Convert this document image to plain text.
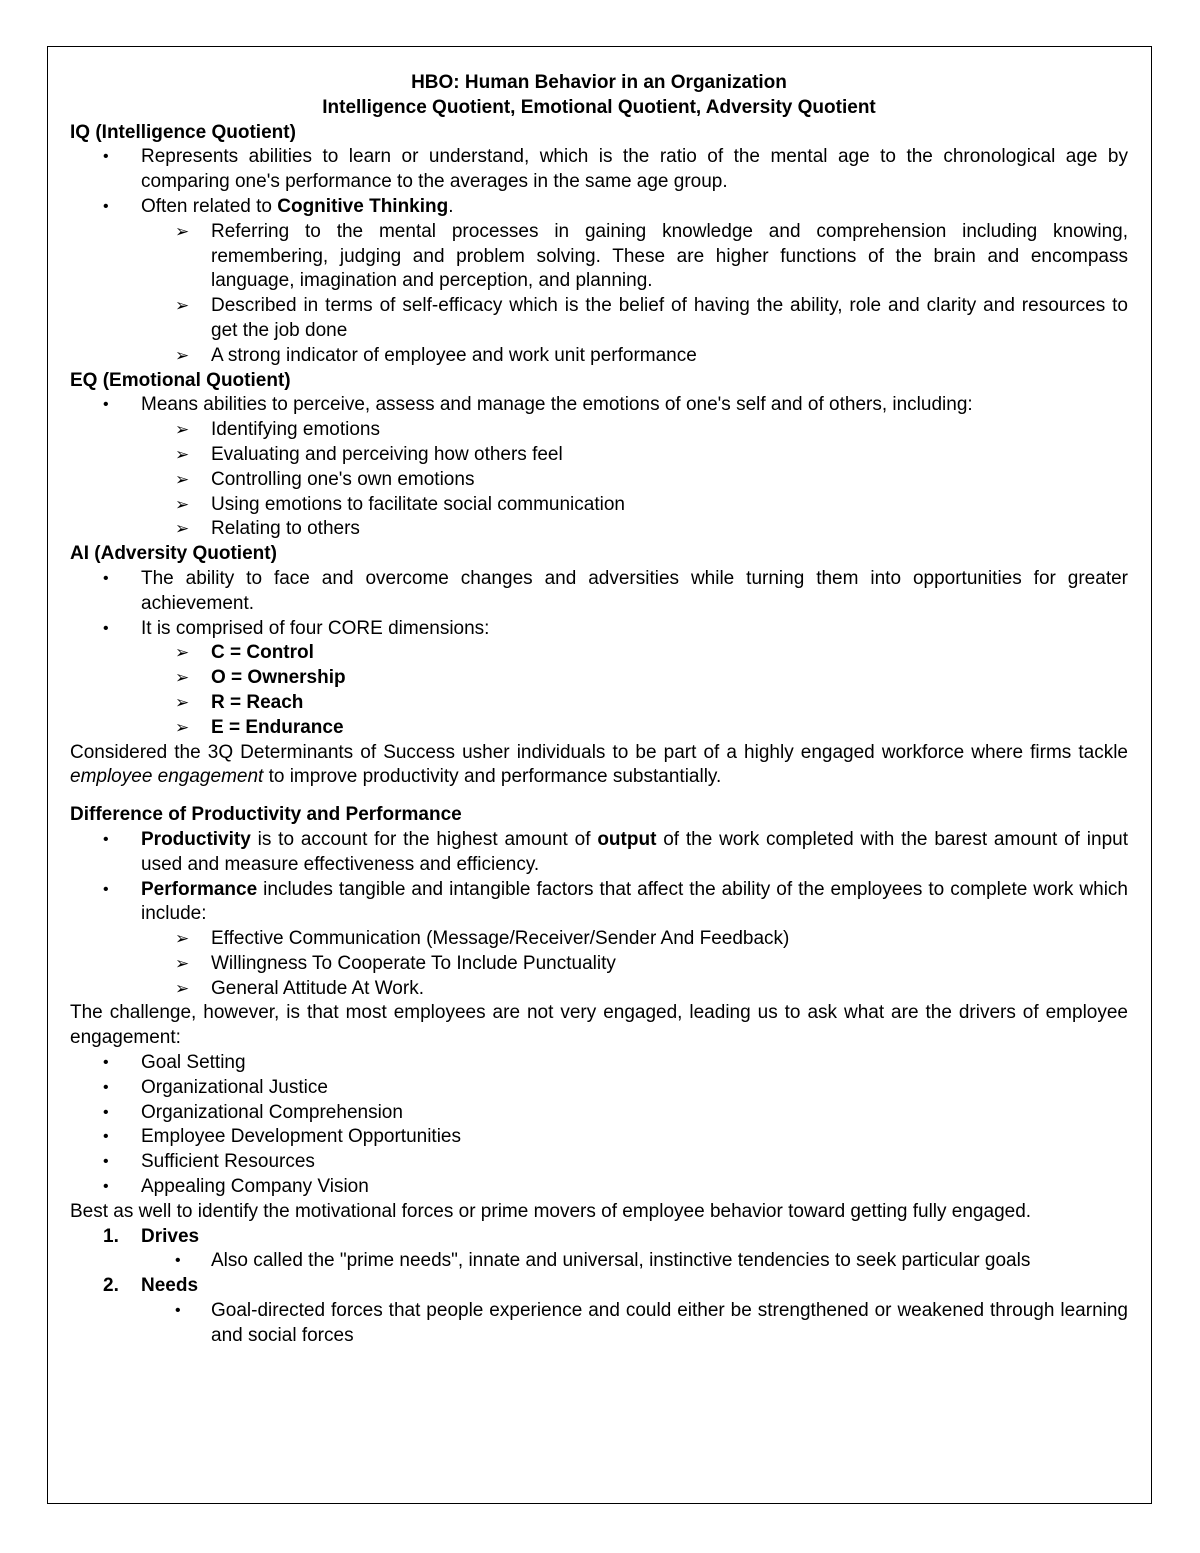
HBO: Human Behavior in an Organization
Intelligence Quotient, Emotional Quotient, Adversity Quotient
IQ (Intelligence Quotient)
•	Represents abilities to learn or understand, which is the ratio of the mental age to the chronological age by comparing one's performance to the averages in the same age group.
•	Often related to Cognitive Thinking.
➢	Referring to the mental processes in gaining knowledge and comprehension including knowing, remembering, judging and problem solving. These are higher functions of the brain and encompass language, imagination and perception, and planning.
➢	Described in terms of self-efficacy which is the belief of having the ability, role and clarity and resources to get the job done
➢	A strong indicator of employee and work unit performance
EQ (Emotional Quotient)
•	Means abilities to perceive, assess and manage the emotions of one's self and of others, including:
➢	Identifying emotions
➢	Evaluating and perceiving how others feel
➢	Controlling one's own emotions
➢	Using emotions to facilitate social communication
➢	Relating to others
AI (Adversity Quotient)
•	The ability to face and overcome changes and adversities while turning them into opportunities for greater achievement.
•	It is comprised of four CORE dimensions:
➢	C = Control
➢	O = Ownership
➢	R = Reach
➢	E = Endurance
Considered the 3Q Determinants of Success usher individuals to be part of a highly engaged workforce where firms tackle employee engagement to improve productivity and performance substantially.
Difference of Productivity and Performance
•	Productivity is to account for the highest amount of output of the work completed with the barest amount of input used and measure effectiveness and efficiency.
•	Performance includes tangible and intangible factors that affect the ability of the employees to complete work which include:
➢	Effective Communication (Message/Receiver/Sender And Feedback)
➢	Willingness To Cooperate To Include Punctuality
➢	General Attitude At Work.
The challenge, however, is that most employees are not very engaged, leading us to ask what are the drivers of employee engagement:
•	Goal Setting
•	Organizational Justice
•	Organizational Comprehension
•	Employee Development Opportunities
•	Sufficient Resources
•	Appealing Company Vision
Best as well to identify the motivational forces or prime movers of employee behavior toward getting fully engaged.
1.	Drives
•	Also called the "prime needs", innate and universal, instinctive tendencies to seek particular goals
2.	Needs
•	Goal-directed forces that people experience and could either be strengthened or weakened through learning and social forces
